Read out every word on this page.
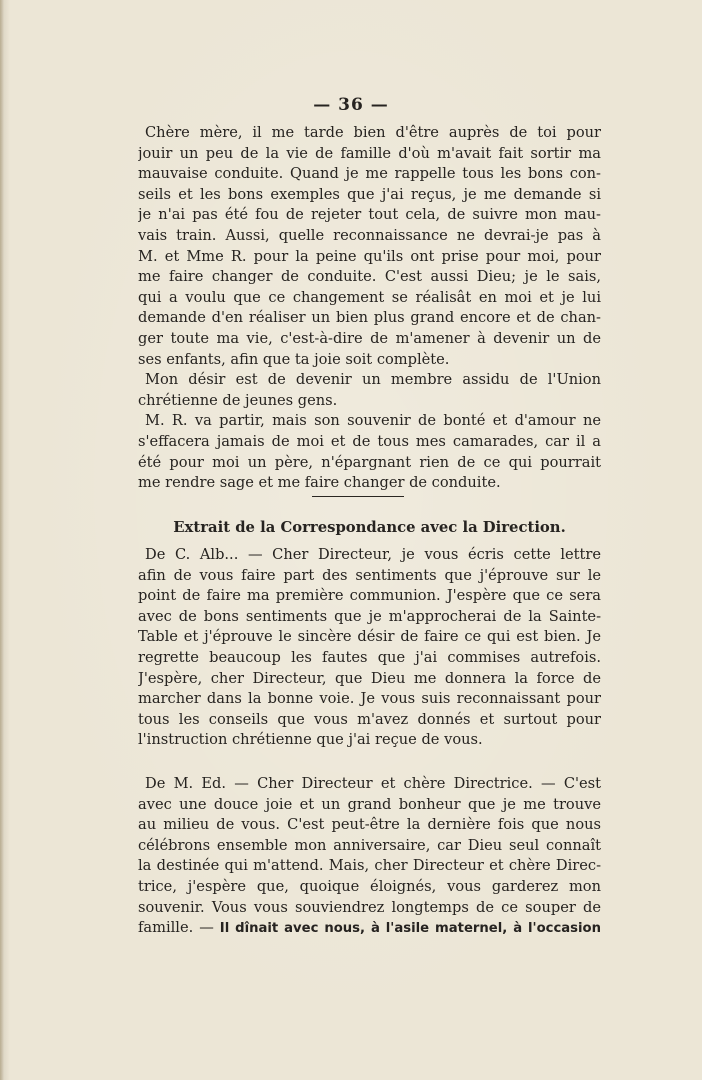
— 36 —
Chère mère, il me tarde bien d'être auprès de toi pour
jouir un peu de la vie de famille d'où m'avait fait sortir ma
mauvaise conduite. Quand je me rappelle tous les bons con-
seils et les bons exemples que j'ai reçus, je me demande si
je n'ai pas été fou de rejeter tout cela, de suivre mon mau-
vais train. Aussi, quelle reconnaissance ne devrai-je pas à
M. et Mme R. pour la peine qu'ils ont prise pour moi, pour
me faire changer de conduite. C'est aussi Dieu; je le sais,
qui a voulu que ce changement se réalisât en moi et je lui
demande d'en réaliser un bien plus grand encore et de chan-
ger toute ma vie, c'est-à-dire de m'amener à devenir un de
ses enfants, afin que ta joie soit complète.
Mon désir est de devenir un membre assidu de l'Union
chrétienne de jeunes gens.
M. R. va partir, mais son souvenir de bonté et d'amour ne
s'effacera jamais de moi et de tous mes camarades, car il a
été pour moi un père, n'épargnant rien de ce qui pourrait
me rendre sage et me faire changer de conduite.
Extrait de la Correspondance avec la Direction.
De C. Alb... — Cher Directeur, je vous écris cette lettre
afin de vous faire part des sentiments que j'éprouve sur le
point de faire ma première communion. J'espère que ce sera
avec de bons sentiments que je m'approcherai de la Sainte-
Table et j'éprouve le sincère désir de faire ce qui est bien. Je
regrette beaucoup les fautes que j'ai commises autrefois.
J'espère, cher Directeur, que Dieu me donnera la force de
marcher dans la bonne voie. Je vous suis reconnaissant pour
tous les conseils que vous m'avez donnés et surtout pour
l'instruction chrétienne que j'ai reçue de vous.
De M. Ed. — Cher Directeur et chère Directrice. — C'est
avec une douce joie et un grand bonheur que je me trouve
au milieu de vous. C'est peut-être la dernière fois que nous
célébrons ensemble mon anniversaire, car Dieu seul connaît
la destinée qui m'attend. Mais, cher Directeur et chère Direc-
trice, j'espère que, quoique éloignés, vous garderez mon
souvenir. Vous vous souviendrez longtemps de ce souper de
famille. — Il dînait avec nous, à l'asile maternel, à l'occasion
